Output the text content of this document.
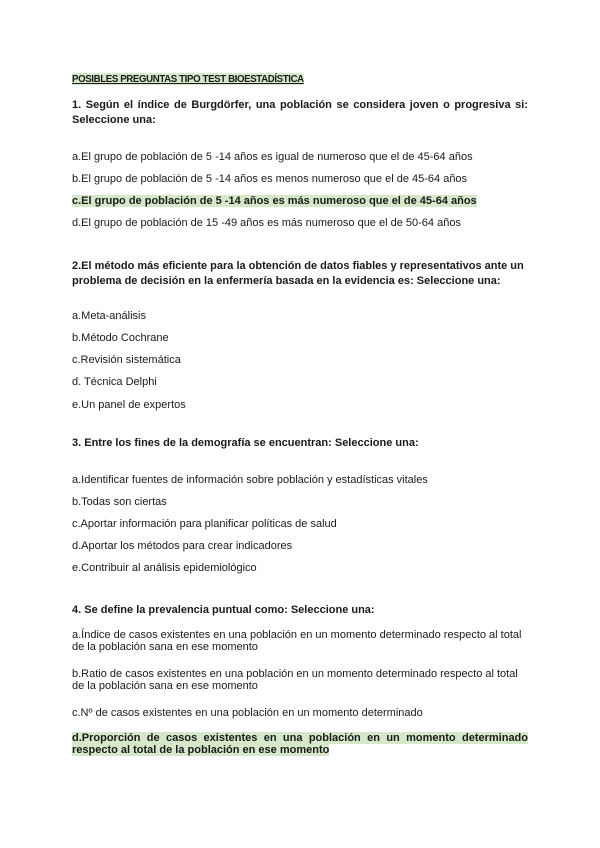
POSIBLES PREGUNTAS TIPO TEST BIOESTADÍSTICA
1. Según el índice de Burgdörfer, una población se considera joven o progresiva si: Seleccione una:
a.El grupo de población de 5 -14 años es igual de numeroso que el de 45-64 años
b.El grupo de población de 5 -14 años es menos numeroso que el de 45-64 años
c.El grupo de población de 5 -14 años es más numeroso que el de 45-64 años
d.El grupo de población de 15 -49 años es más numeroso que el de 50-64 años
2.El método más eficiente para la obtención de datos fiables y representativos ante un problema de decisión en la enfermería basada en la evidencia es: Seleccione una:
a.Meta-análisis
b.Método Cochrane
c.Revisión sistemática
d. Técnica Delphi
e.Un panel de expertos
3. Entre los fines de la demografía se encuentran: Seleccione una:
a.Identificar fuentes de información sobre población y estadísticas vitales
b.Todas son ciertas
c.Aportar información para planificar políticas de salud
d.Aportar los métodos para crear indicadores
e.Contribuir al análisis epidemiológico
4. Se define la prevalencia puntual como: Seleccione una:
a.Índice de casos existentes en una población en un momento determinado respecto al total de la población sana en ese momento
b.Ratio de casos existentes en una población en un momento determinado respecto al total de la población sana en ese momento
c.Nº de casos existentes en una población en un momento determinado
d.Proporción de casos existentes en una población en un momento determinado respecto al total de la población en ese momento
